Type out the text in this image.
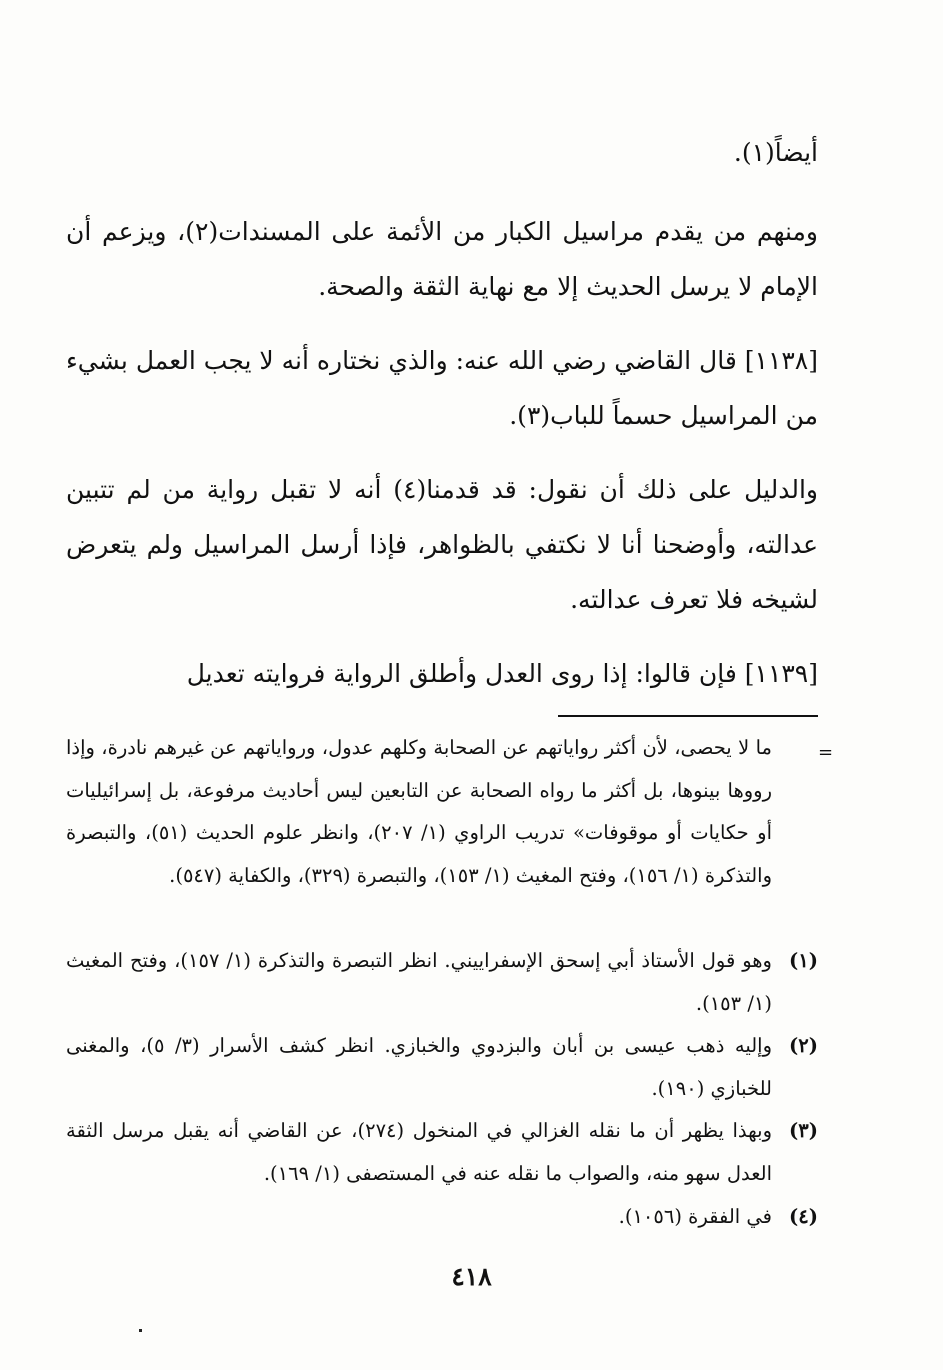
أيضاً(١).
ومنهم من يقدم مراسيل الكبار من الأئمة على المسندات(٢)، ويزعم أن الإمام لا يرسل الحديث إلا مع نهاية الثقة والصحة.
[١١٣٨] قال القاضي رضي الله عنه: والذي نختاره أنه لا يجب العمل بشيء من المراسيل حسماً للباب(٣).
والدليل على ذلك أن نقول: قد قدمنا(٤) أنه لا تقبل رواية من لم تتبين عدالته، وأوضحنا أنا لا نكتفي بالظواهر، فإذا أرسل المراسيل ولم يتعرض لشيخه فلا تعرف عدالته.
[١١٣٩] فإن قالوا: إذا روى العدل وأطلق الرواية فروايته تعديل
=
ما لا يحصى، لأن أكثر رواياتهم عن الصحابة وكلهم عدول، ورواياتهم عن غيرهم نادرة، وإذا رووها بينوها، بل أكثر ما رواه الصحابة عن التابعين ليس أحاديث مرفوعة، بل إسرائيليات أو حكايات أو موقوفات» تدريب الراوي (١/ ٢٠٧)، وانظر علوم الحديث (٥١)، والتبصرة والتذكرة (١/ ١٥٦)، وفتح المغيث (١/ ١٥٣)، والتبصرة (٣٢٩)، والكفاية (٥٤٧).
(١)
وهو قول الأستاذ أبي إسحق الإسفراييني. انظر التبصرة والتذكرة (١/ ١٥٧)، وفتح المغيث (١/ ١٥٣).
(٢)
وإليه ذهب عيسى بن أبان والبزدوي والخبازي. انظر كشف الأسرار (٣/ ٥)، والمغنى للخبازي (١٩٠).
(٣)
وبهذا يظهر أن ما نقله الغزالي في المنخول (٢٧٤)، عن القاضي أنه يقبل مرسل الثقة العدل سهو منه، والصواب ما نقله عنه في المستصفى (١/ ١٦٩).
(٤)
في الفقرة (١٠٥٦).
٤١٨
